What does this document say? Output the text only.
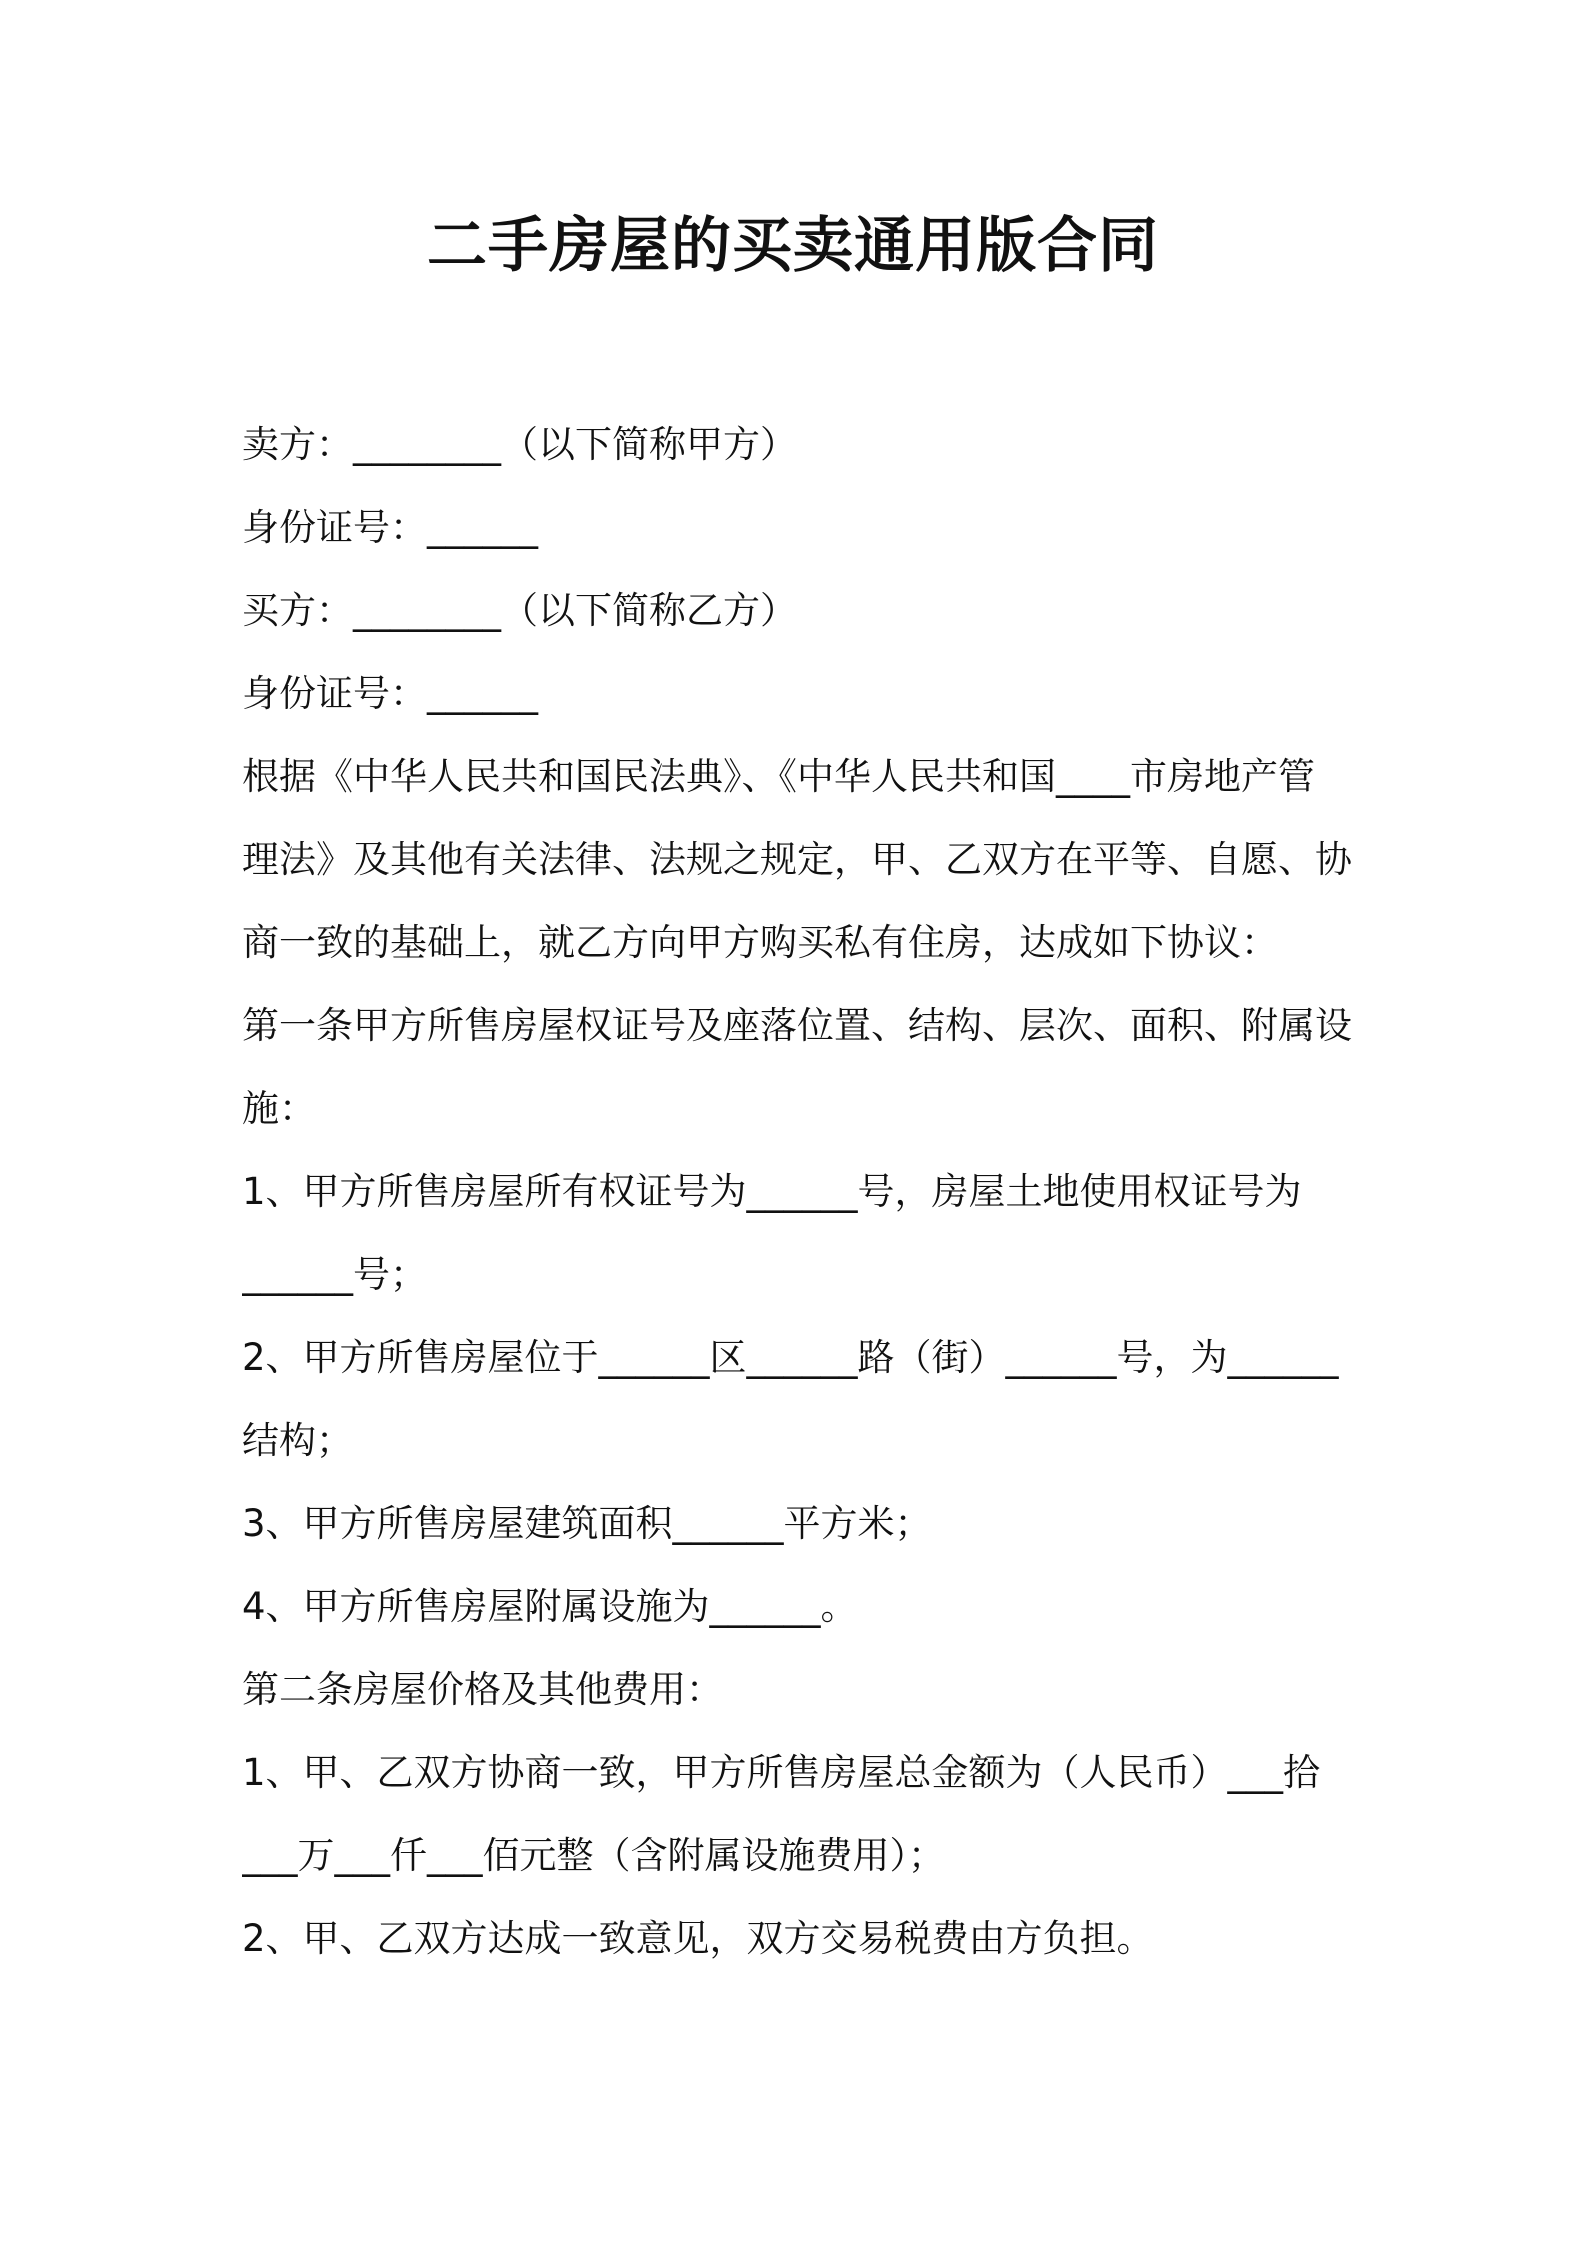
二手房屋的买卖通用版合同
卖方：________（以下简称甲方）
身份证号：______
买方：________（以下简称乙方）
身份证号：______
根据《中华人民共和国民法典》、《中华人民共和国____市房地产管
理法》及其他有关法律、法规之规定，甲、乙双方在平等、自愿、协
商一致的基础上，就乙方向甲方购买私有住房，达成如下协议：
第一条甲方所售房屋权证号及座落位置、结构、层次、面积、附属设
施：
1、甲方所售房屋所有权证号为______号，房屋土地使用权证号为
______号；
2、甲方所售房屋位于______区______路（街）______号，为______
结构；
3、甲方所售房屋建筑面积______平方米；
4、甲方所售房屋附属设施为______。
第二条房屋价格及其他费用：
1、甲、乙双方协商一致，甲方所售房屋总金额为（人民币）___拾
___万___仟___佰元整（含附属设施费用）；
2、甲、乙双方达成一致意见，双方交易税费由方负担。
